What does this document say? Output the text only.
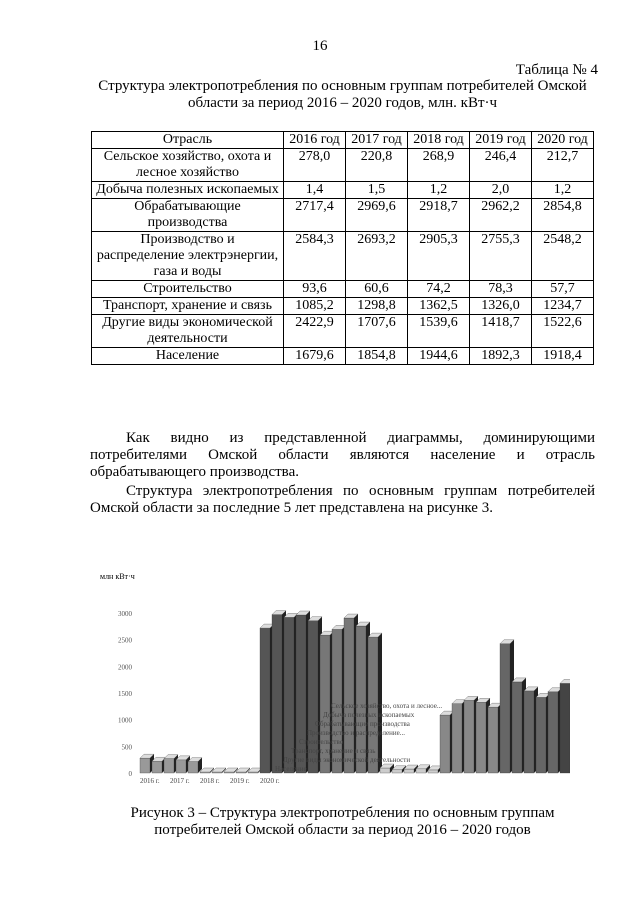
16
Таблица № 4
Структура электропотребления по основным группам потребителей Омской области за период 2016 – 2020 годов, млн. кВт·ч
Отрасль	2016 год	2017 год	2018 год	2019 год	2020 год
Сельское хозяйство, охота и лесное хозяйство	278,0	220,8	268,9	246,4	212,7
Добыча полезных ископаемых	1,4	1,5	1,2	2,0	1,2
Обрабатывающие производства	2717,4	2969,6	2918,7	2962,2	2854,8
Производство и распределение электрэнергии, газа и воды	2584,3	2693,2	2905,3	2755,3	2548,2
Строительство	93,6	60,6	74,2	78,3	57,7
Транспорт, хранение и связь	1085,2	1298,8	1362,5	1326,0	1234,7
Другие виды экономической деятельности	2422,9	1707,6	1539,6	1418,7	1522,6
Население	1679,6	1854,8	1944,6	1892,3	1918,4
Как видно из представленной диаграммы, доминирующими потребителями Омской области являются население и отрасль обрабатывающего производства.
Структура электропотребления по основным группам потребителей Омской области за последние 5 лет представлена на рисунке 3.
млн кВт·ч
0
500
1000
1500
2000
2500
3000
Сельское хозяйство, охота и лесное...
Добыча полезных ископаемых
Обрабатывающие производства
Производство и распределение...
Строительство
Транспорт, хранение и связь
Другие виды экономической деятельности
Население
2016 г. 2017 г. 2018 г. 2019 г. 2020 г.
Рисунок 3 – Структура электропотребления по основным группам потребителей Омской области за период 2016 – 2020 годов
